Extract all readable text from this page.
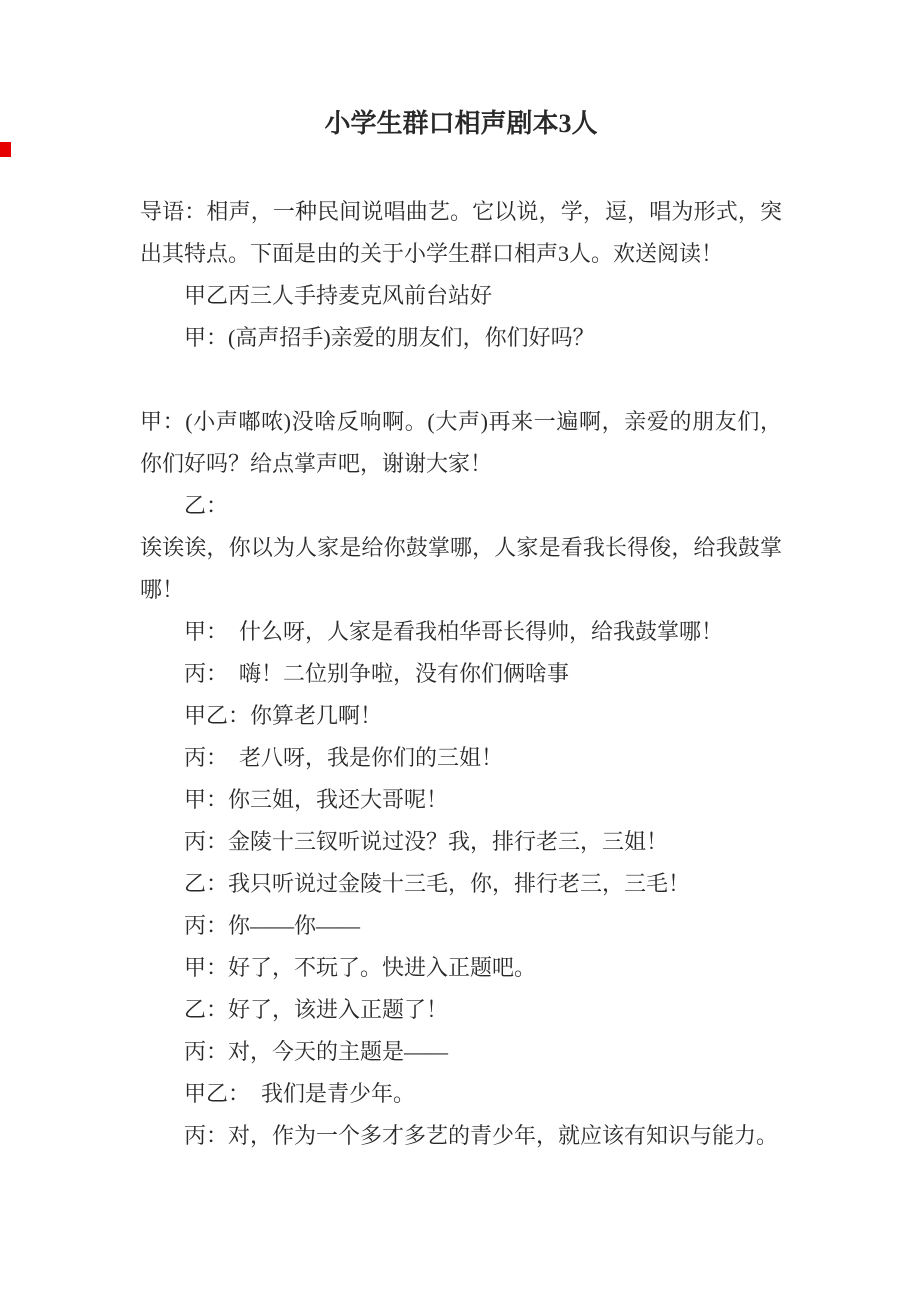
小学生群口相声剧本3人

导语：相声，一种民间说唱曲艺。它以说，学，逗，唱为形式，突出其特点。下面是由的关于小学生群口相声3人。欢送阅读！

甲乙丙三人手持麦克风前台站好

甲：(高声招手)亲爱的朋友们，你们好吗？

甲：(小声嘟哝)没啥反响啊。(大声)再来一遍啊，亲爱的朋友们，你们好吗？给点掌声吧，谢谢大家！

乙：

诶诶诶，你以为人家是给你鼓掌哪，人家是看我长得俊，给我鼓掌哪！

甲：　什么呀，人家是看我柏华哥长得帅，给我鼓掌哪！

丙：　嗨！二位别争啦，没有你们俩啥事

甲乙：你算老几啊！

丙：　老八呀，我是你们的三姐！

甲：你三姐，我还大哥呢！

丙：金陵十三钗听说过没？我，排行老三，三姐！

乙：我只听说过金陵十三毛，你，排行老三，三毛！

丙：你——你——

甲：好了，不玩了。快进入正题吧。

乙：好了，该进入正题了！

丙：对，今天的主题是——

甲乙：　我们是青少年。

丙：对，作为一个多才多艺的青少年，就应该有知识与能力。
